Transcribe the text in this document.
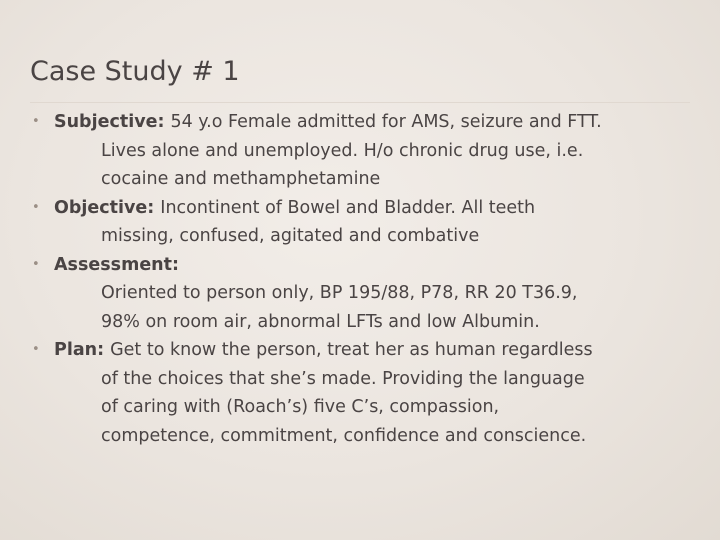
Case Study # 1
• Subjective: 54 y.o Female admitted for AMS, seizure and FTT.
Lives alone and unemployed. H/o chronic drug use, i.e.
cocaine and methamphetamine
• Objective: Incontinent of Bowel and Bladder. All teeth
missing, confused, agitated and combative
• Assessment:
Oriented to person only, BP 195/88, P78, RR 20 T36.9,
98% on room air, abnormal LFTs and low Albumin.
• Plan: Get to know the person, treat her as human regardless
of the choices that she’s made. Providing the language
of caring with (Roach’s) five C’s, compassion,
competence, commitment, confidence and conscience.
